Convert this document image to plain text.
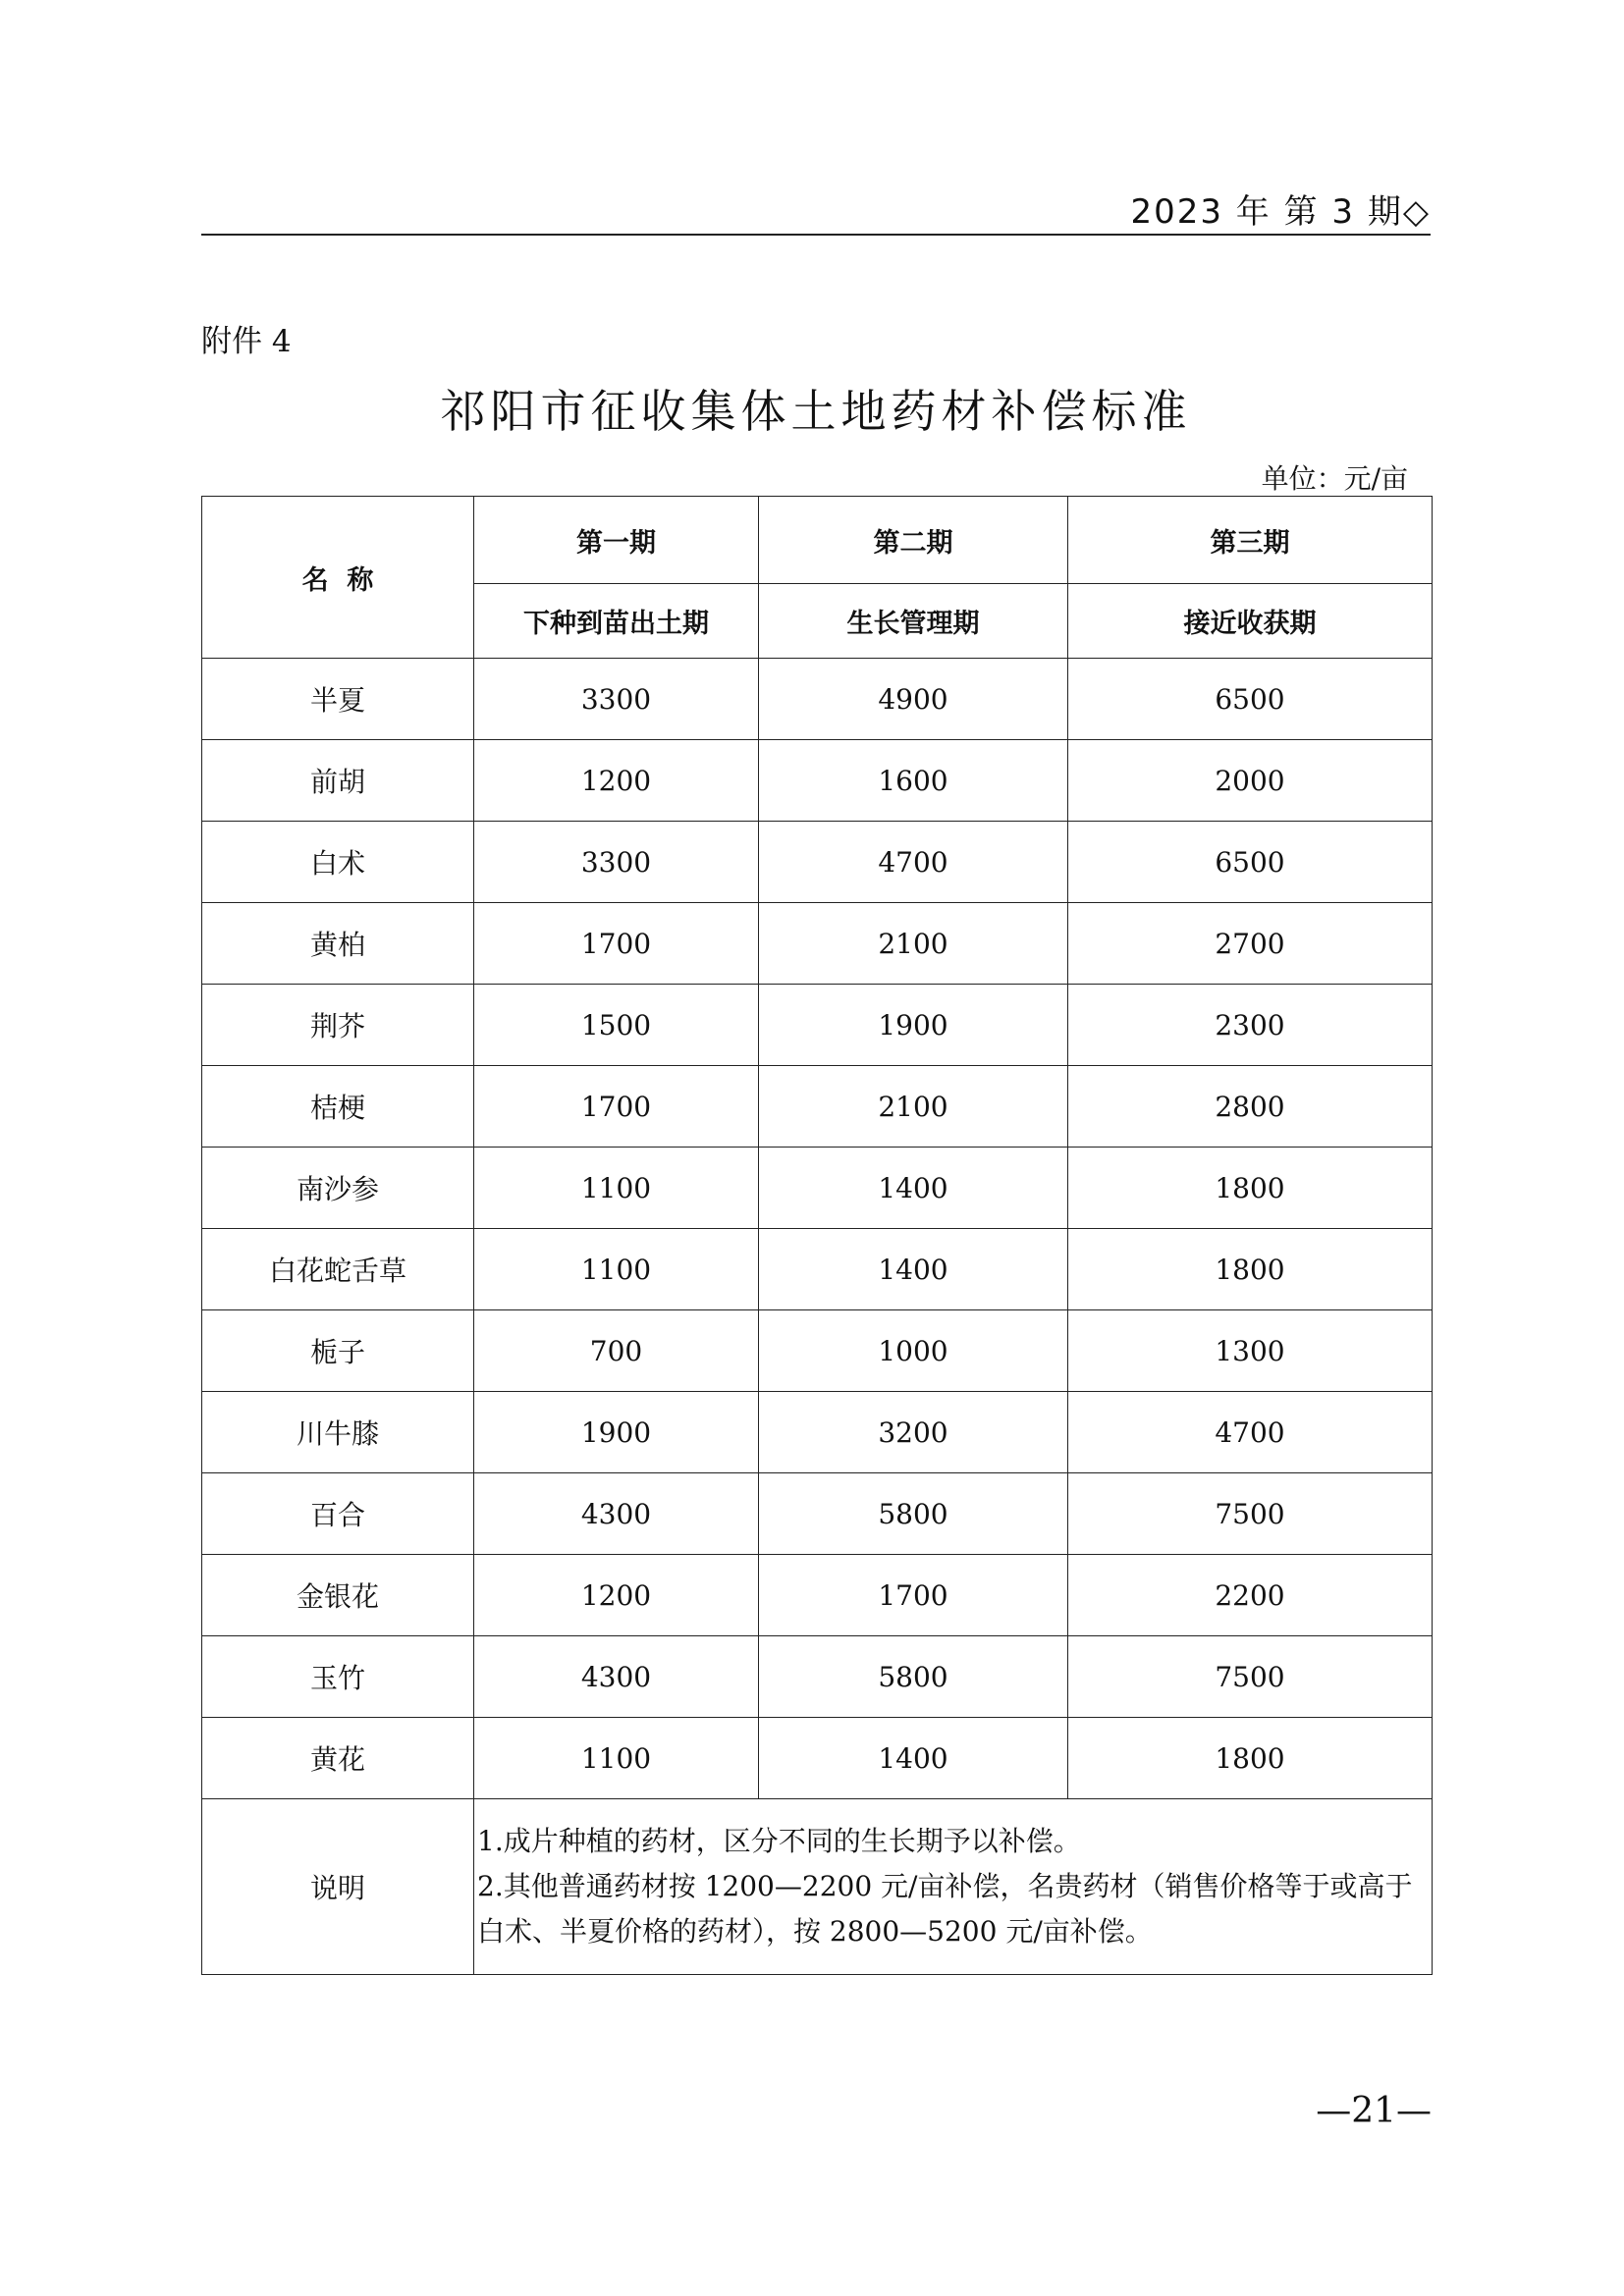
2023 年 第 3 期◇
附件 4
祁阳市征收集体土地药材补偿标准
单位：元/亩
名  称	第一期	第二期	第三期
	下种到苗出土期	生长管理期	接近收获期
半夏	3300	4900	6500
前胡	1200	1600	2000
白术	3300	4700	6500
黄柏	1700	2100	2700
荆芥	1500	1900	2300
桔梗	1700	2100	2800
南沙参	1100	1400	1800
白花蛇舌草	1100	1400	1800
栀子	700	1000	1300
川牛膝	1900	3200	4700
百合	4300	5800	7500
金银花	1200	1700	2200
玉竹	4300	5800	7500
黄花	1100	1400	1800
说明	1.成片种植的药材，区分不同的生长期予以补偿。

2.其他普通药材按 1200—2200 元/亩补偿，名贵药材（销售价格等于或高于白术、半夏价格的药材），按 2800—5200 元/亩补偿。		

—21—
